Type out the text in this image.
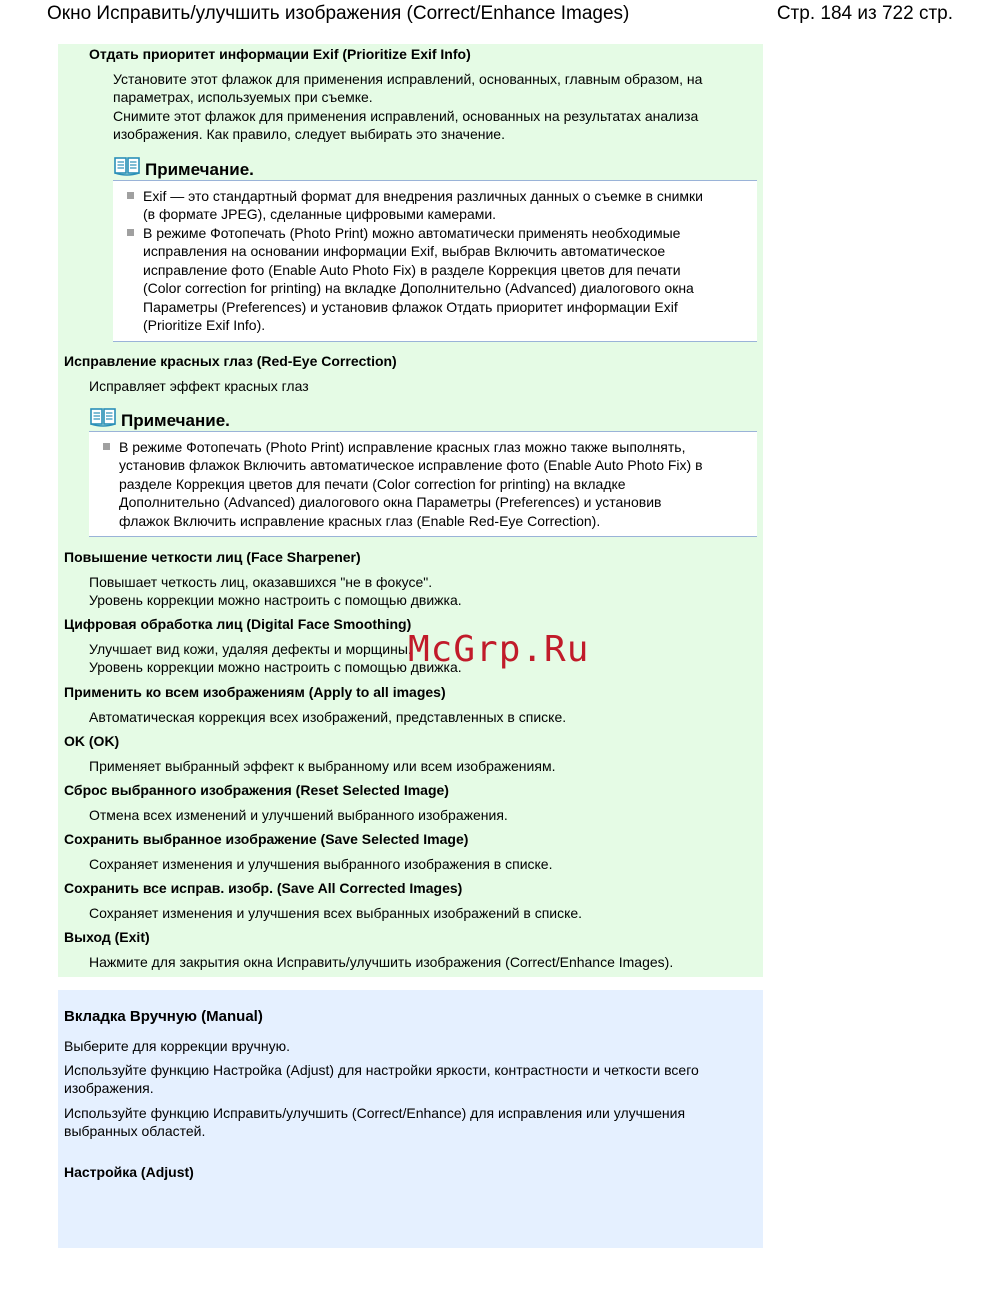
Окно Исправить/улучшить изображения (Correct/Enhance Images)	Стр. 184 из 722 стр.
Отдать приоритет информации Exif (Prioritize Exif Info)
Установите этот флажок для применения исправлений, основанных, главным образом, на
параметрах, используемых при съемке.
Снимите этот флажок для применения исправлений, основанных на результатах анализа
изображения. Как правило, следует выбирать это значение.
Примечание.
Exif — это стандартный формат для внедрения различных данных о съемке в снимки
(в формате JPEG), сделанные цифровыми камерами.
В режиме Фотопечать (Photo Print) можно автоматически применять необходимые
исправления на основании информации Exif, выбрав Включить автоматическое
исправление фото (Enable Auto Photo Fix) в разделе Коррекция цветов для печати
(Color correction for printing) на вкладке Дополнительно (Advanced) диалогового окна
Параметры (Preferences) и установив флажок Отдать приоритет информации Exif
(Prioritize Exif Info).
Исправление красных глаз (Red-Eye Correction)
Исправляет эффект красных глаз
Примечание.
В режиме Фотопечать (Photo Print) исправление красных глаз можно также выполнять,
установив флажок Включить автоматическое исправление фото (Enable Auto Photo Fix) в
разделе Коррекция цветов для печати (Color correction for printing) на вкладке
Дополнительно (Advanced) диалогового окна Параметры (Preferences) и установив
флажок Включить исправление красных глаз (Enable Red-Eye Correction).
Повышение четкости лиц (Face Sharpener)
Повышает четкость лиц, оказавшихся "не в фокусе".
Уровень коррекции можно настроить с помощью движка.
Цифровая обработка лиц (Digital Face Smoothing)
Улучшает вид кожи, удаляя дефекты и морщины.
Уровень коррекции можно настроить с помощью движка.
Применить ко всем изображениям (Apply to all images)
Автоматическая коррекция всех изображений, представленных в списке.
OK (OK)
Применяет выбранный эффект к выбранному или всем изображениям.
Сброс выбранного изображения (Reset Selected Image)
Отмена всех изменений и улучшений выбранного изображения.
Сохранить выбранное изображение (Save Selected Image)
Сохраняет изменения и улучшения выбранного изображения в списке.
Сохранить все исправ. изобр. (Save All Corrected Images)
Сохраняет изменения и улучшения всех выбранных изображений в списке.
Выход (Exit)
Нажмите для закрытия окна Исправить/улучшить изображения (Correct/Enhance Images).
Вкладка Вручную (Manual)
Выберите для коррекции вручную.
Используйте функцию Настройка (Adjust) для настройки яркости, контрастности и четкости всего
изображения.
Используйте функцию Исправить/улучшить (Correct/Enhance) для исправления или улучшения
выбранных областей.
Настройка (Adjust)
McGrp.Ru
